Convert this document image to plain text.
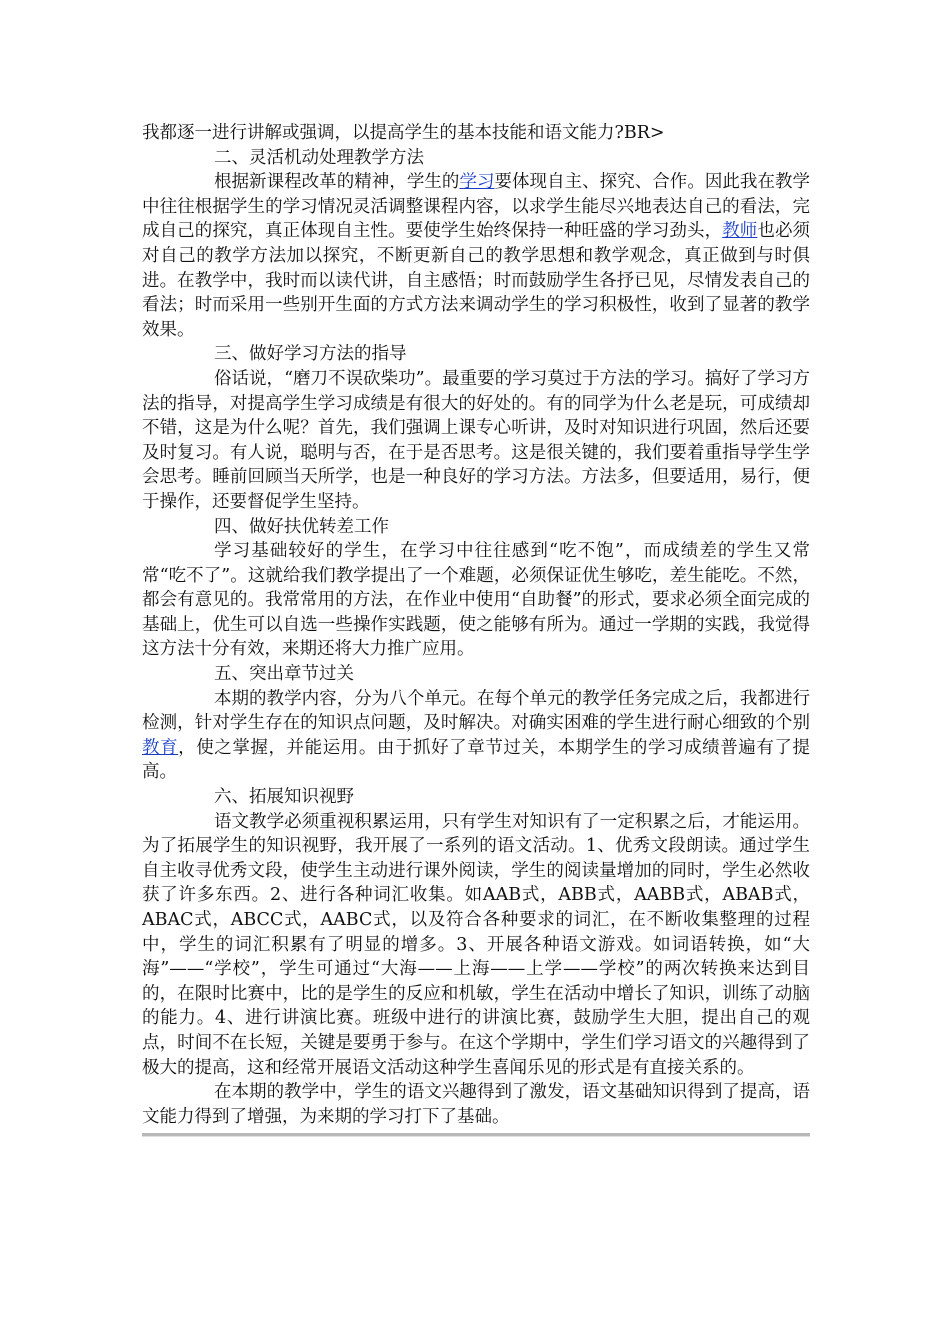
我都逐一进行讲解或强调，以提高学生的基本技能和语文能力?BR>

二、灵活机动处理教学方法

根据新课程改革的精神，学生的学习要体现自主、探究、合作。因此我在教学中往往根据学生的学习情况灵活调整课程内容，以求学生能尽兴地表达自己的看法，完成自己的探究，真正体现自主性。要使学生始终保持一种旺盛的学习劲头，教师也必须对自己的教学方法加以探究，不断更新自己的教学思想和教学观念，真正做到与时俱进。在教学中，我时而以读代讲，自主感悟；时而鼓励学生各抒已见，尽情发表自己的看法；时而采用一些别开生面的方式方法来调动学生的学习积极性，收到了显著的教学效果。

三、做好学习方法的指导

俗话说，“磨刀不误砍柴功”。最重要的学习莫过于方法的学习。搞好了学习方法的指导，对提高学生学习成绩是有很大的好处的。有的同学为什么老是玩，可成绩却不错，这是为什么呢？首先，我们强调上课专心听讲，及时对知识进行巩固，然后还要及时复习。有人说，聪明与否，在于是否思考。这是很关键的，我们要着重指导学生学会思考。睡前回顾当天所学，也是一种良好的学习方法。方法多，但要适用，易行，便于操作，还要督促学生坚持。

四、做好扶优转差工作

学习基础较好的学生，在学习中往往感到“吃不饱”，而成绩差的学生又常常“吃不了”。这就给我们教学提出了一个难题，必须保证优生够吃，差生能吃。不然，都会有意见的。我常常用的方法，在作业中使用“自助餐”的形式，要求必须全面完成的基础上，优生可以自选一些操作实践题，使之能够有所为。通过一学期的实践，我觉得这方法十分有效，来期还将大力推广应用。

五、突出章节过关

本期的教学内容，分为八个单元。在每个单元的教学任务完成之后，我都进行检测，针对学生存在的知识点问题，及时解决。对确实困难的学生进行耐心细致的个别教育，使之掌握，并能运用。由于抓好了章节过关，本期学生的学习成绩普遍有了提高。

六、拓展知识视野

语文教学必须重视积累运用，只有学生对知识有了一定积累之后，才能运用。为了拓展学生的知识视野，我开展了一系列的语文活动。1、优秀文段朗读。通过学生自主收寻优秀文段，使学生主动进行课外阅读，学生的阅读量增加的同时，学生必然收获了许多东西。2、进行各种词汇收集。如AAB式，ABB式，AABB式，ABAB式，ABAC式，ABCC式，AABC式，以及符合各种要求的词汇，在不断收集整理的过程中，学生的词汇积累有了明显的增多。3、开展各种语文游戏。如词语转换，如“大海”——“学校”，学生可通过“大海——上海——上学——学校”的两次转换来达到目的，在限时比赛中，比的是学生的反应和机敏，学生在活动中增长了知识，训练了动脑的能力。4、进行讲演比赛。班级中进行的讲演比赛，鼓励学生大胆，提出自己的观点，时间不在长短，关键是要勇于参与。在这个学期中，学生们学习语文的兴趣得到了极大的提高，这和经常开展语文活动这种学生喜闻乐见的形式是有直接关系的。

在本期的教学中，学生的语文兴趣得到了激发，语文基础知识得到了提高，语文能力得到了增强，为来期的学习打下了基础。
